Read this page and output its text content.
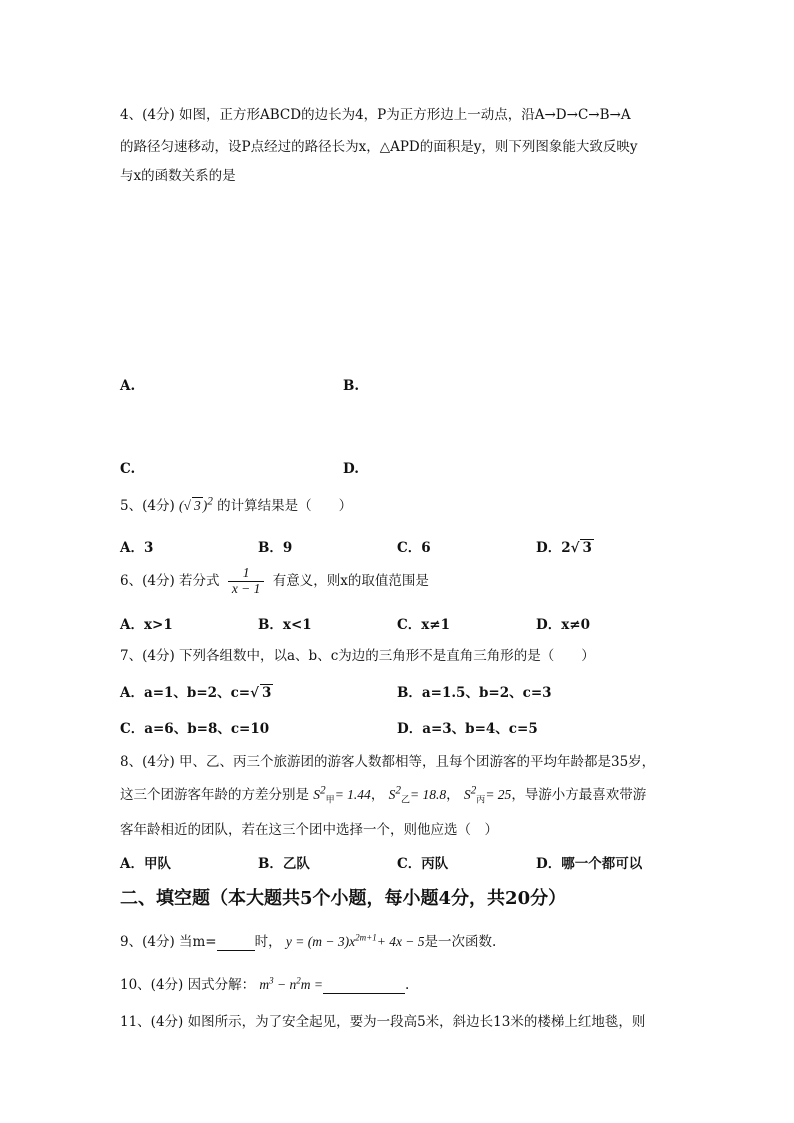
4、(4分) 如图，正方形ABCD的边长为4，P为正方形边上一动点，沿A→D→C→B→A
的路径匀速移动，设P点经过的路径长为x，△APD的面积是y，则下列图象能大致反映y
与x的函数关系的是
A.	B.
C.	D.
5、(4分) (√ 3 )$^2$ 的计算结果是（　　）
A．3	B．9	C．6	D．2√ 3
6、(4分) 若分式 $\frac{1}{x - 1}$ 有意义，则x的取值范围是
A．x>1	B．x<1	C．x≠1	D．x≠0
7、(4分) 下列各组数中，以a、b、c为边的三角形不是直角三角形的是（　　）
A．a=1、b=2、c=√ 3	B．a=1.5、b=2、c=3
C．a=6、b=8、c=10	D．a=3、b=4、c=5
8、(4分) 甲、乙、丙三个旅游团的游客人数都相等，且每个团游客的平均年龄都是35岁，
这三个团游客年龄的方差分别是 $S^2_甲= 1.44$， $S^2_乙= 18.8$， $S^2_丙= 25$，导游小方最喜欢带游
客年龄相近的团队，若在这三个团中选择一个，则他应选（　）
A．甲队	B．乙队	C．丙队	D．哪一个都可以
二、填空题（本大题共5个小题，每小题4分，共20分）
9、(4分) 当m=	时， $y = (m - 3)x^{2m+1}+ 4x - 5$是一次函数.
10、(4分) 因式分解： $m^3 - n^2m$ =	.
11、(4分) 如图所示，为了安全起见，要为一段高5米，斜边长13米的楼梯上红地毯，则
